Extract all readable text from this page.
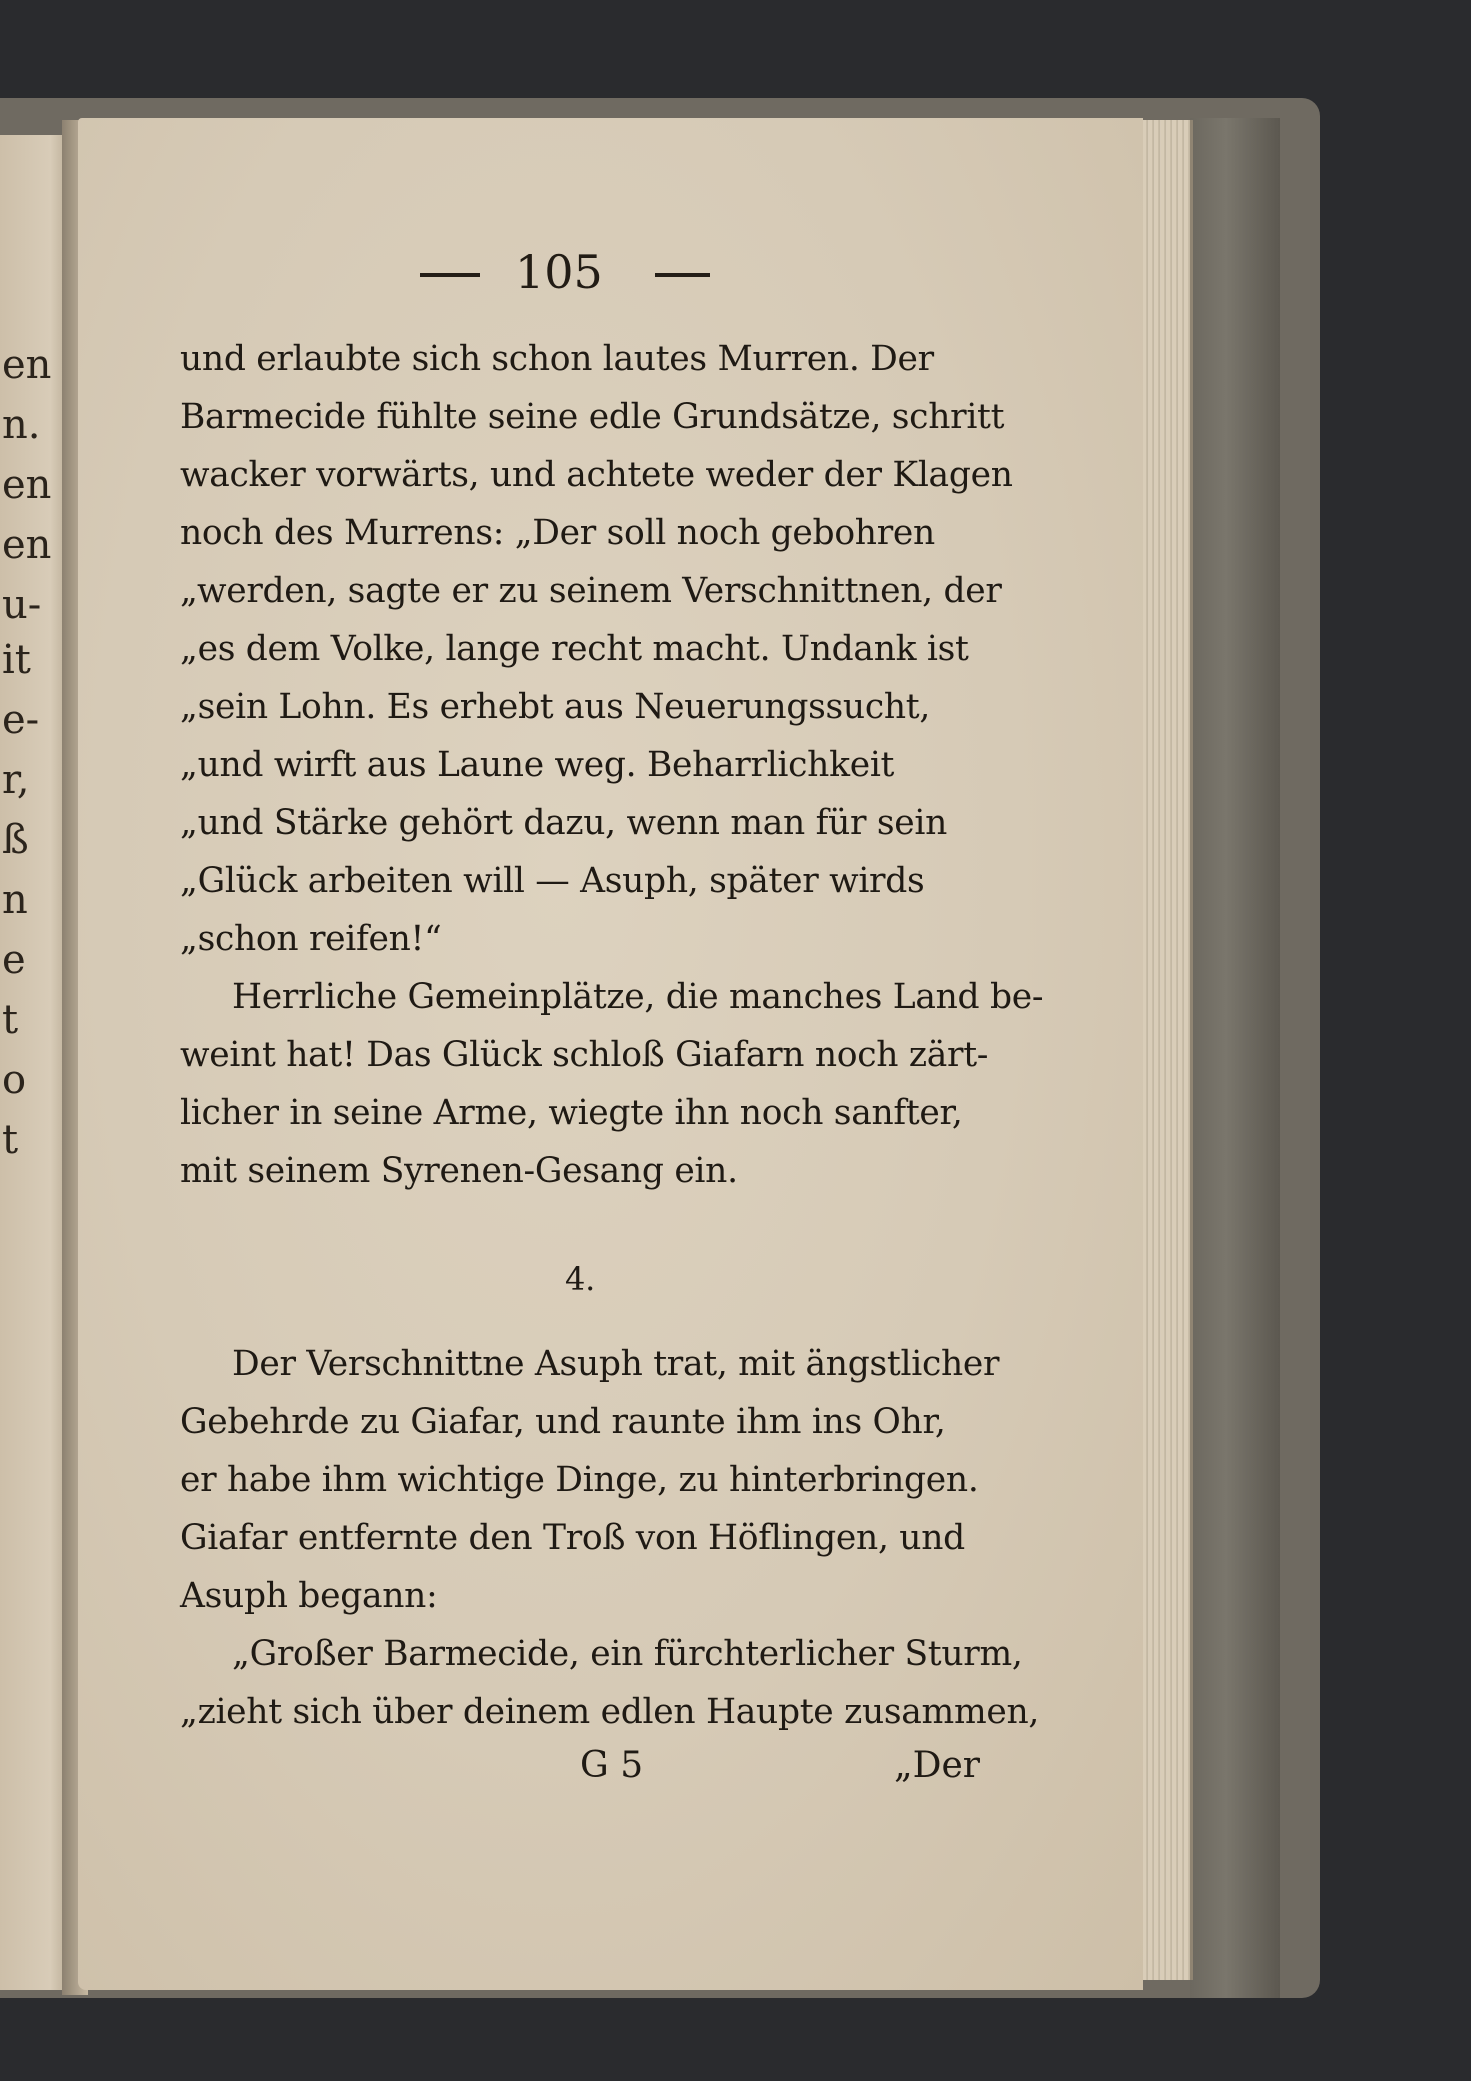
en
n.
en
en
u-
it
e-
r,
ß
n
e
t
o
t
105
und erlaubte sich schon lautes Murren. Der
Barmecide fühlte seine edle Grundsätze, schritt
wacker vorwärts, und achtete weder der Klagen
noch des Murrens: „Der soll noch gebohren
„werden, sagte er zu seinem Verschnittnen, der
„es dem Volke, lange recht macht. Undank ist
„sein Lohn. Es erhebt aus Neuerungssucht,
„und wirft aus Laune weg. Beharrlichkeit
„und Stärke gehört dazu, wenn man für sein
„Glück arbeiten will — Asuph, später wirds
„schon reifen!“
Herrliche Gemeinplätze, die manches Land be-
weint hat! Das Glück schloß Giafarn noch zärt-
licher in seine Arme, wiegte ihn noch sanfter,
mit seinem Syrenen-Gesang ein.
4.
Der Verschnittne Asuph trat, mit ängstlicher
Gebehrde zu Giafar, und raunte ihm ins Ohr,
er habe ihm wichtige Dinge, zu hinterbringen.
Giafar entfernte den Troß von Höflingen, und
Asuph begann:
„Großer Barmecide, ein fürchterlicher Sturm,
„zieht sich über deinem edlen Haupte zusammen,
G 5	„Der
